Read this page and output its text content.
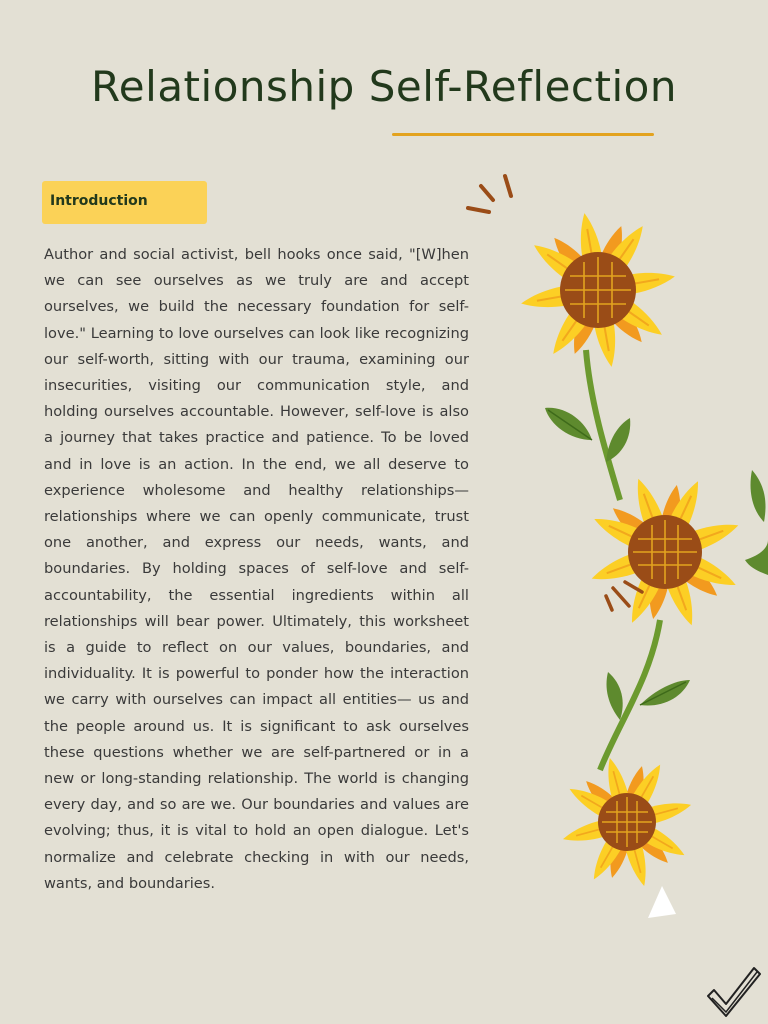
Relationship Self-Reflection
Introduction

Author and social activist, bell hooks once said, "[W]hen we can see ourselves as we truly are and accept ourselves, we build the necessary foundation for self-love." Learning to love ourselves can look like recognizing our self-worth, sitting with our trauma, examining our insecurities, visiting our communication style, and holding ourselves accountable. However, self-love is also a journey that takes practice and patience. To be loved and in love is an action. In the end, we all deserve to experience wholesome and healthy relationships— relationships where we can openly communicate, trust one another, and express our needs, wants, and boundaries. By holding spaces of self-love and self-accountability, the essential ingredients within all relationships will bear power. Ultimately, this worksheet is a guide to reflect on our values, boundaries, and individuality. It is powerful to ponder how the interaction we carry with ourselves can impact all entities— us and the people around us. It is significant to ask ourselves these questions whether we are self-partnered or in a new or long-standing relationship. The world is changing every day, and so are we. Our boundaries and values are evolving; thus, it is vital to hold an open dialogue. Let's normalize and celebrate checking in with our needs, wants, and boundaries.
